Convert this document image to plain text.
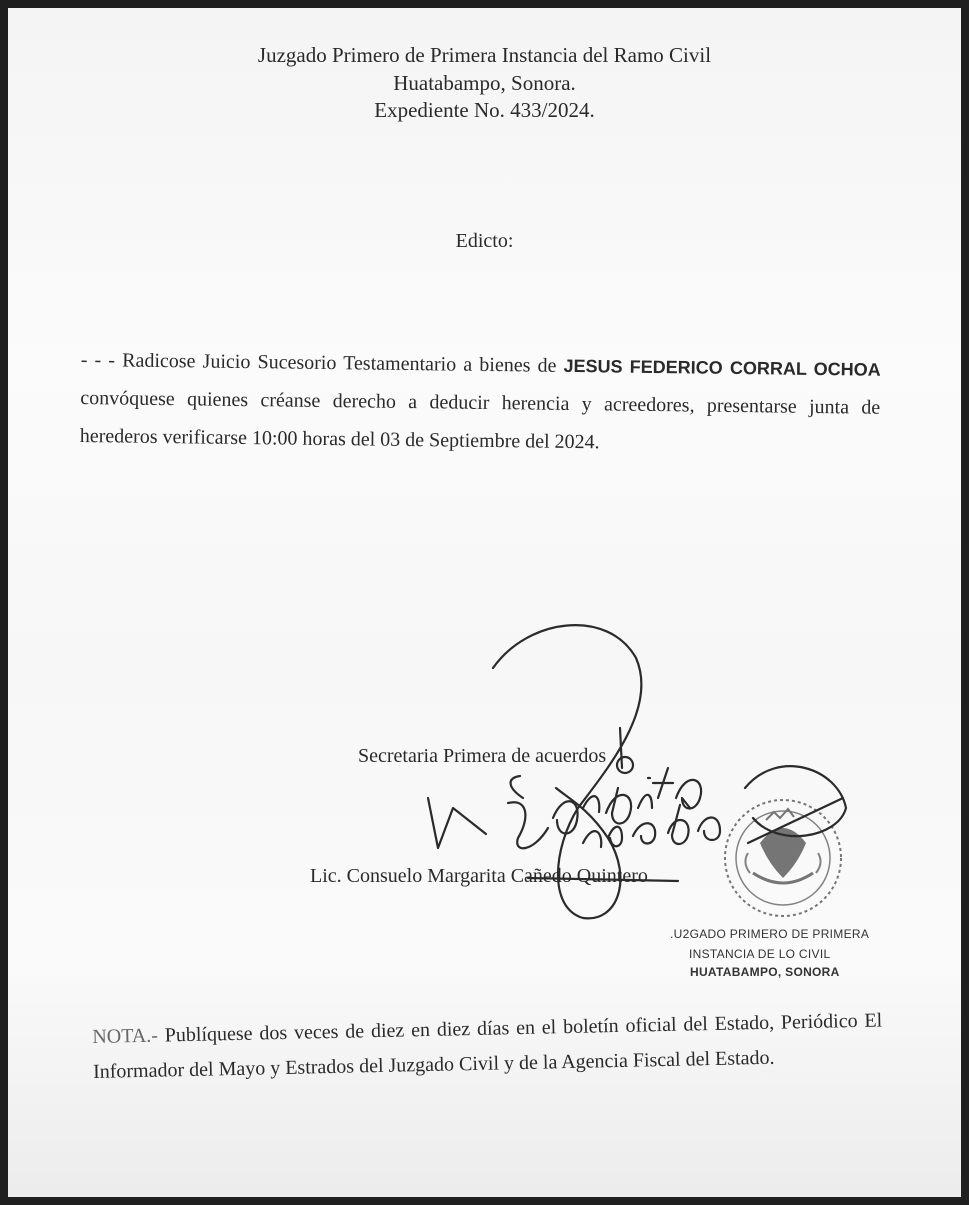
Juzgado Primero de Primera Instancia del Ramo Civil
Huatabampo, Sonora.
Expediente No. 433/2024.
Edicto:
- - - Radicose Juicio Sucesorio Testamentario a bienes de JESUS FEDERICO CORRAL OCHOA convóquese quienes créanse derecho a deducir herencia y acreedores, presentarse junta de herederos verificarse 10:00 horas del 03 de Septiembre del 2024.
Secretaria Primera de acuerdos
Lic. Consuelo Margarita Cañedo Quintero
.U2GADO PRIMERO DE PRIMERA
INSTANCIA DE LO CIVIL
HUATABAMPO, SONORA
NOTA.- Publíquese dos veces de diez en diez días en el boletín oficial del Estado, Periódico El Informador del Mayo y Estrados del Juzgado Civil y de la Agencia Fiscal del Estado.
